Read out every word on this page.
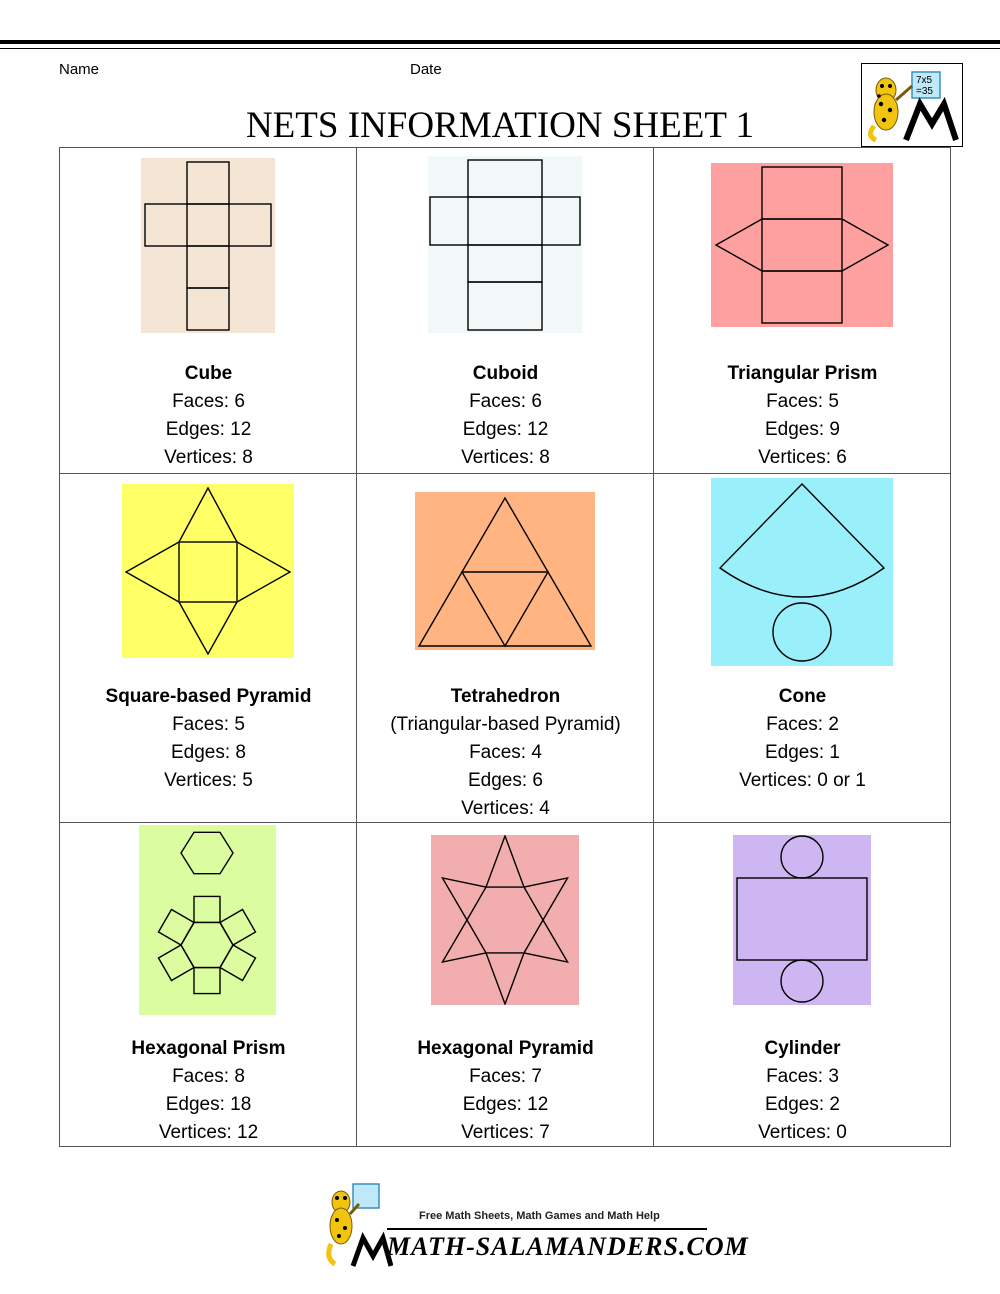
Name	Date
7x5
=35
NETS INFORMATION SHEET 1
Cube
Faces: 6
Edges: 12
Vertices: 8
Cuboid
Faces: 6
Edges: 12
Vertices: 8
Triangular Prism
Faces: 5
Edges: 9
Vertices: 6
Square-based Pyramid
Faces: 5
Edges: 8
Vertices: 5
Tetrahedron
(Triangular-based Pyramid)
Faces: 4
Edges: 6
Vertices: 4
Cone
Faces: 2
Edges: 1
Vertices: 0 or 1
Hexagonal Prism
Faces: 8
Edges: 18
Vertices: 12
Hexagonal Pyramid
Faces: 7
Edges: 12
Vertices: 7
Cylinder
Faces: 3
Edges: 2
Vertices: 0
Free Math Sheets, Math Games and Math Help
MATH-SALAMANDERS.COM
